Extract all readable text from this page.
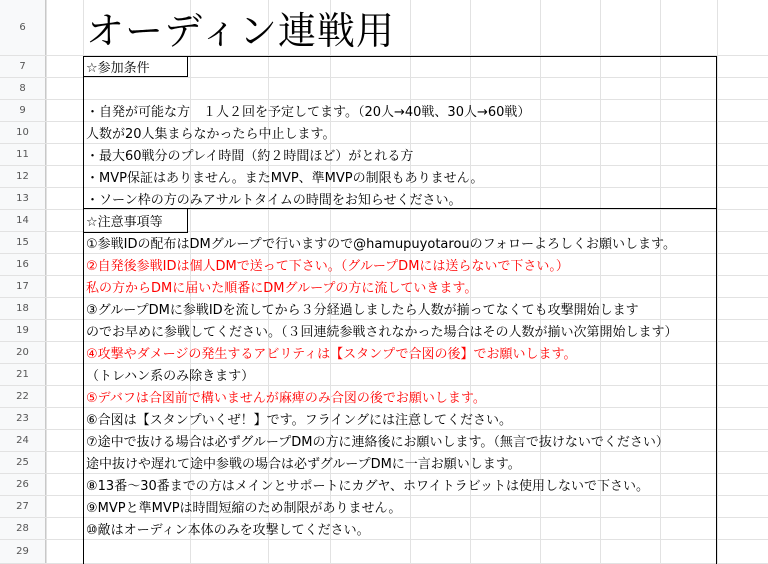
6	オーディン連戦用
7	☆参加条件
8
9	・自発が可能な方　１人２回を予定してます。（20人→40戦、30人→60戦）
10	人数が20人集まらなかったら中止します。
11	・最大60戦分のプレイ時間（約２時間ほど）がとれる方
12	・MVP保証はありません。またMVP、準MVPの制限もありません。
13	・ソーン枠の方のみアサルトタイムの時間をお知らせください。
14	☆注意事項等
15	①参戦IDの配布はDMグループで行いますので@hamupuyotarouのフォローよろしくお願いします。
16	②自発後参戦IDは個人DMで送って下さい。（グループDMには送らないで下さい。）
17	私の方からDMに届いた順番にDMグループの方に流していきます。
18	③グループDMに参戦IDを流してから３分経過しましたら人数が揃ってなくても攻撃開始します
19	のでお早めに参戦してください。（３回連続参戦されなかった場合はその人数が揃い次第開始します）
20	④攻撃やダメージの発生するアビリティは【スタンプで合図の後】でお願いします。
21	（トレハン系のみ除きます）
22	⑤デバフは合図前で構いませんが麻痺のみ合図の後でお願いします。
23	⑥合図は【スタンプいくぜ！】です。フライングには注意してください。
24	⑦途中で抜ける場合は必ずグループDMの方に連絡後にお願いします。（無言で抜けないでください）
25	途中抜けや遅れて途中参戦の場合は必ずグループDMに一言お願いします。
26	⑧13番〜30番までの方はメインとサポートにカグヤ、ホワイトラビットは使用しないで下さい。
27	⑨MVPと準MVPは時間短縮のため制限がありません。
28	⑩敵はオーディン本体のみを攻撃してください。
29
